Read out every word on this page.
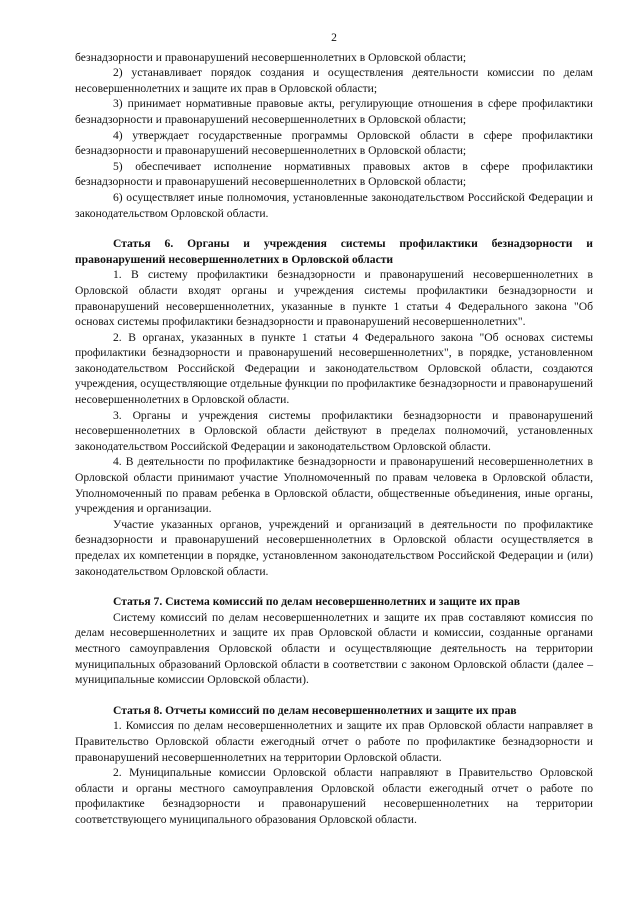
2

безнадзорности и правонарушений несовершеннолетних в Орловской области;

2) устанавливает порядок создания и осуществления деятельности комиссии по делам несовершеннолетних и защите их прав в Орловской области;

3) принимает нормативные правовые акты, регулирующие отношения в сфере профилактики безнадзорности и правонарушений несовершеннолетних в Орловской области;

4) утверждает государственные программы Орловской области в сфере профилактики безнадзорности и правонарушений несовершеннолетних в Орловской области;

5) обеспечивает исполнение нормативных правовых актов в сфере профилактики безнадзорности и правонарушений несовершеннолетних в Орловской области;

6) осуществляет иные полномочия, установленные законодательством Российской Федерации и законодательством Орловской области.

Статья 6. Органы и учреждения системы профилактики безнадзорности и правонарушений несовершеннолетних в Орловской области

1. В систему профилактики безнадзорности и правонарушений несовершеннолетних в Орловской области входят органы и учреждения системы профилактики безнадзорности и правонарушений несовершеннолетних, указанные в пункте 1 статьи 4 Федерального закона "Об основах системы профилактики безнадзорности и правонарушений несовершеннолетних".

2. В органах, указанных в пункте 1 статьи 4 Федерального закона "Об основах системы профилактики безнадзорности и правонарушений несовершеннолетних", в порядке, установленном законодательством Российской Федерации и законодательством Орловской области, создаются учреждения, осуществляющие отдельные функции по профилактике безнадзорности и правонарушений несовершеннолетних в Орловской области.

3. Органы и учреждения системы профилактики безнадзорности и правонарушений несовершеннолетних в Орловской области действуют в пределах полномочий, установленных законодательством Российской Федерации и законодательством Орловской области.

4. В деятельности по профилактике безнадзорности и правонарушений несовершеннолетних в Орловской области принимают участие Уполномоченный по правам человека в Орловской области, Уполномоченный по правам ребенка в Орловской области, общественные объединения, иные органы, учреждения и организации.

Участие указанных органов, учреждений и организаций в деятельности по профилактике безнадзорности и правонарушений несовершеннолетних в Орловской области осуществляется в пределах их компетенции в порядке, установленном законодательством Российской Федерации и (или) законодательством Орловской области.

Статья 7. Система комиссий по делам несовершеннолетних и защите их прав

Систему комиссий по делам несовершеннолетних и защите их прав составляют комиссия по делам несовершеннолетних и защите их прав Орловской области и комиссии, созданные органами местного самоуправления Орловской области и осуществляющие деятельность на территории муниципальных образований Орловской области в соответствии с законом Орловской области (далее – муниципальные комиссии Орловской области).

Статья 8. Отчеты комиссий по делам несовершеннолетних и защите их прав

1. Комиссия по делам несовершеннолетних и защите их прав Орловской области направляет в Правительство Орловской области ежегодный отчет о работе по профилактике безнадзорности и правонарушений несовершеннолетних на территории Орловской области.

2. Муниципальные комиссии Орловской области направляют в Правительство Орловской области и органы местного самоуправления Орловской области ежегодный отчет о работе по профилактике безнадзорности и правонарушений несовершеннолетних на территории соответствующего муниципального образования Орловской области.
